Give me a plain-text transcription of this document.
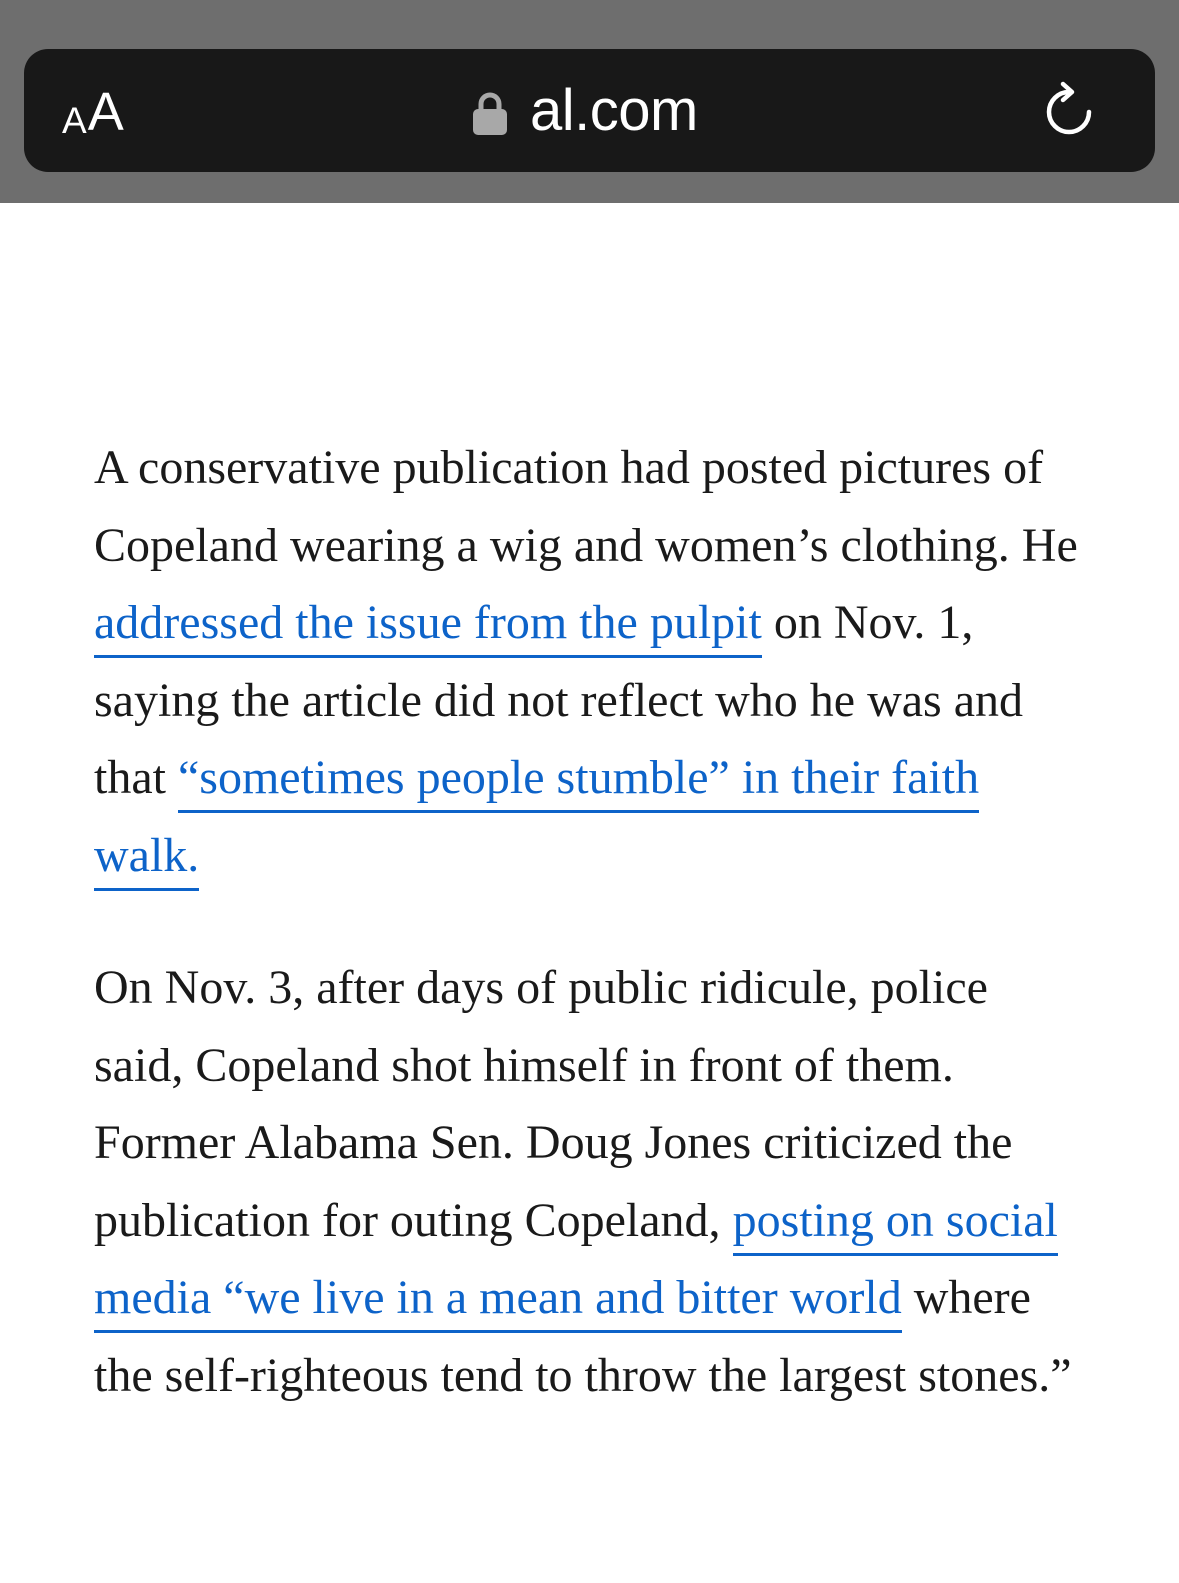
A A	al.com

A conservative publication had posted pictures of Copeland wearing a wig and women’s clothing. He addressed the issue from the pulpit on Nov. 1, saying the article did not reflect who he was and that “sometimes people stumble” in their faith walk.

On Nov. 3, after days of public ridicule, police said, Copeland shot himself in front of them. Former Alabama Sen. Doug Jones criticized the publication for outing Copeland, posting on social media “we live in a mean and bitter world where the self-righteous tend to throw the largest stones.”
